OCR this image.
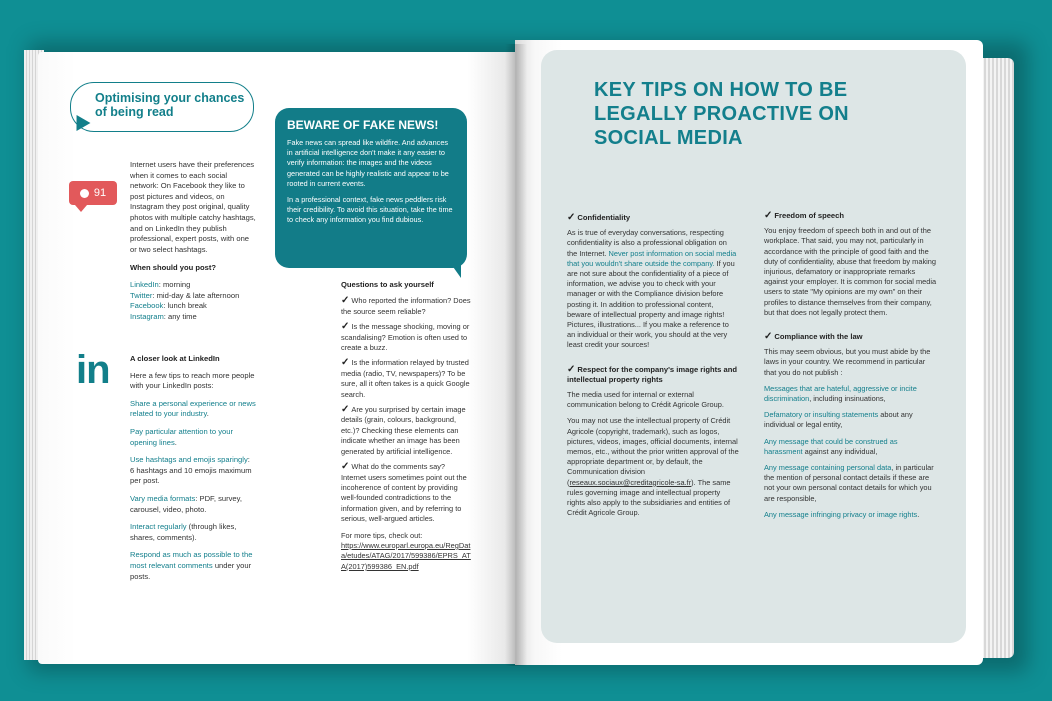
Optimising your chances of being read
91

Internet users have their preferences when it comes to each social network: On Facebook they like to post pictures and videos, on Instagram they post original, quality photos with multiple catchy hashtags, and on LinkedIn they publish professional, expert posts, with one or two select hashtags.

When should you post?
LinkedIn: morning
Twitter: mid-day & late afternoon
Facebook: lunch break
Instagram: any time
in	A closer look at LinkedIn

Here a few tips to reach more people with your LinkedIn posts:

Share a personal experience or news related to your industry.

Pay particular attention to your opening lines.

Use hashtags and emojis sparingly: 6 hashtags and 10 emojis maximum per post.

Vary media formats: PDF, survey, carousel, video, photo.

Interact regularly (through likes, shares, comments).

Respond as much as possible to the most relevant comments under your posts.

BEWARE OF FAKE NEWS!

Fake news can spread like wildfire. And advances in artificial intelligence don't make it any easier to verify information: the images and the videos generated can be highly realistic and appear to be rooted in current events.

In a professional context, fake news peddlers risk their credibility. To avoid this situation, take the time to check any information you find dubious.

Questions to ask yourself
✓ Who reported the information? Does the source seem reliable?
✓ Is the message shocking, moving or scandalising? Emotion is often used to create a buzz.
✓ Is the information relayed by trusted media (radio, TV, newspapers)? To be sure, all it often takes is a quick Google search.
✓ Are you surprised by certain image details (grain, colours, background, etc.)? Checking these elements can indicate whether an image has been generated by artificial intelligence.
✓ What do the comments say? Internet users sometimes point out the incoherence of content by providing well-founded contradictions to the information given, and by referring to serious, well-argued articles.
For more tips, check out:
https://www.europarl.europa.eu/RegData/etudes/ATAG/2017/599386/EPRS_ATA(2017)599386_EN.pdf
KEY TIPS ON HOW TO BE LEGALLY PROACTIVE ON SOCIAL MEDIA
✓ Confidentiality

As is true of everyday conversations, respecting confidentiality is also a professional obligation on the Internet. Never post information on social media that you wouldn't share outside the company. If you are not sure about the confidentiality of a piece of information, we advise you to check with your manager or with the Compliance division before posting it. In addition to professional content, beware of intellectual property and image rights! Pictures, illustrations... If you make a reference to an individual or their work, you should at the very least credit your sources!

✓ Respect for the company's image rights and intellectual property rights

The media used for internal or external communication belong to Crédit Agricole Group.

You may not use the intellectual property of Crédit Agricole (copyright, trademark), such as logos, pictures, videos, images, official documents, internal memos, etc., without the prior written approval of the appropriate department or, by default, the Communication division (reseaux.sociaux@creditagricole-sa.fr). The same rules governing image and intellectual property rights also apply to the subsidiaries and entities of Crédit Agricole Group.

✓ Freedom of speech

You enjoy freedom of speech both in and out of the workplace. That said, you may not, particularly in accordance with the principle of good faith and the duty of confidentiality, abuse that freedom by making injurious, defamatory or inappropriate remarks against your employer. It is common for social media users to state "My opinions are my own" on their profiles to distance themselves from their company, but that does not legally protect them.

✓ Compliance with the law

This may seem obvious, but you must abide by the laws in your country. We recommend in particular that you do not publish :

Messages that are hateful, aggressive or incite discrimination, including insinuations,

Defamatory or insulting statements about any individual or legal entity,

Any message that could be construed as harassment against any individual,

Any message containing personal data, in particular the mention of personal contact details if these are not your own personal contact details for which you are responsible,

Any message infringing privacy or image rights.
